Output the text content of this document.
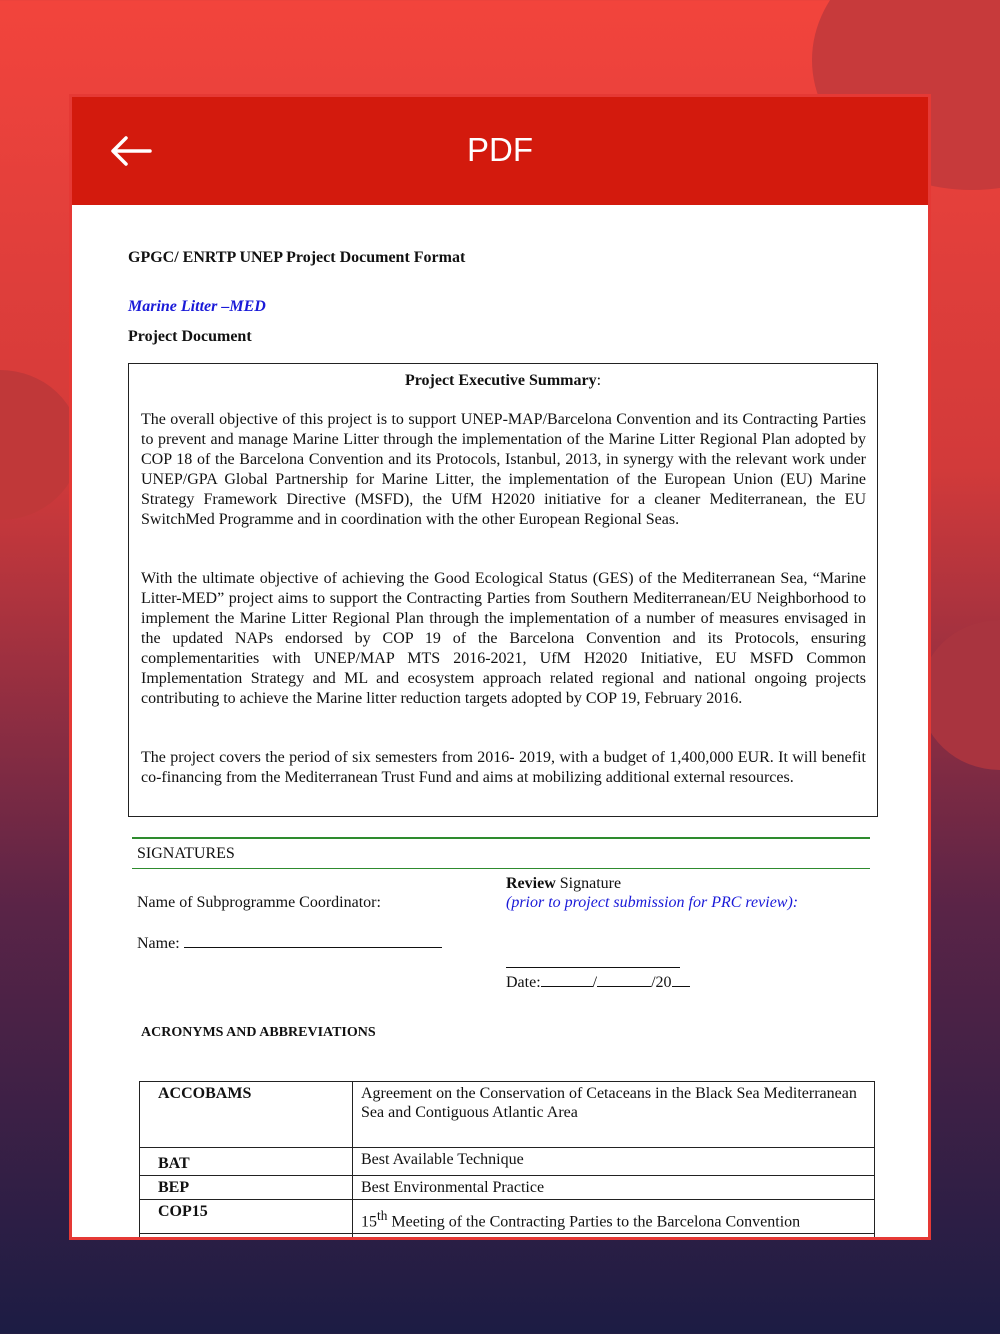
PDF
GPGC/ ENRTP UNEP Project Document Format
Marine Litter –MED
Project Document
Project Executive Summary:
The overall objective of this project is to support UNEP-MAP/Barcelona Convention and its Contracting Parties to prevent and manage Marine Litter through the implementation of the Marine Litter Regional Plan adopted by COP 18 of the Barcelona Convention and its Protocols, Istanbul, 2013, in synergy with the relevant work under UNEP/GPA Global Partnership for Marine Litter, the implementation of the European Union (EU) Marine Strategy Framework Directive (MSFD), the UfM H2020 initiative for a cleaner Mediterranean, the EU SwitchMed Programme and in coordination with the other European Regional Seas.
With the ultimate objective of achieving the Good Ecological Status (GES) of the Mediterranean Sea, “Marine Litter-MED” project aims to support the Contracting Parties from Southern Mediterranean/EU Neighborhood to implement the Marine Litter Regional Plan through the implementation of a number of measures envisaged in the updated NAPs endorsed by COP 19 of the Barcelona Convention and its Protocols, ensuring complementarities with UNEP/MAP MTS 2016-2021, UfM H2020 Initiative, EU MSFD Common Implementation Strategy and ML and ecosystem approach related regional and national ongoing projects contributing to achieve the Marine litter reduction targets adopted by COP 19, February 2016.
The project covers the period of six semesters from 2016- 2019, with a budget of 1,400,000 EUR. It will benefit co-financing from the Mediterranean Trust Fund and aims at mobilizing additional external resources.
SIGNATURES
Name of Subprogramme Coordinator:
Name:
Review Signature
(prior to project submission for PRC review):
Date:	/	/20
ACRONYMS AND ABBREVIATIONS
ACCOBAMS	Agreement on the Conservation of Cetaceans in the Black Sea Mediterranean Sea and Contiguous Atlantic Area
BAT	Best Available Technique
BEP	Best Environmental Practice
COP15	15th Meeting of the Contracting Parties to the Barcelona Convention
